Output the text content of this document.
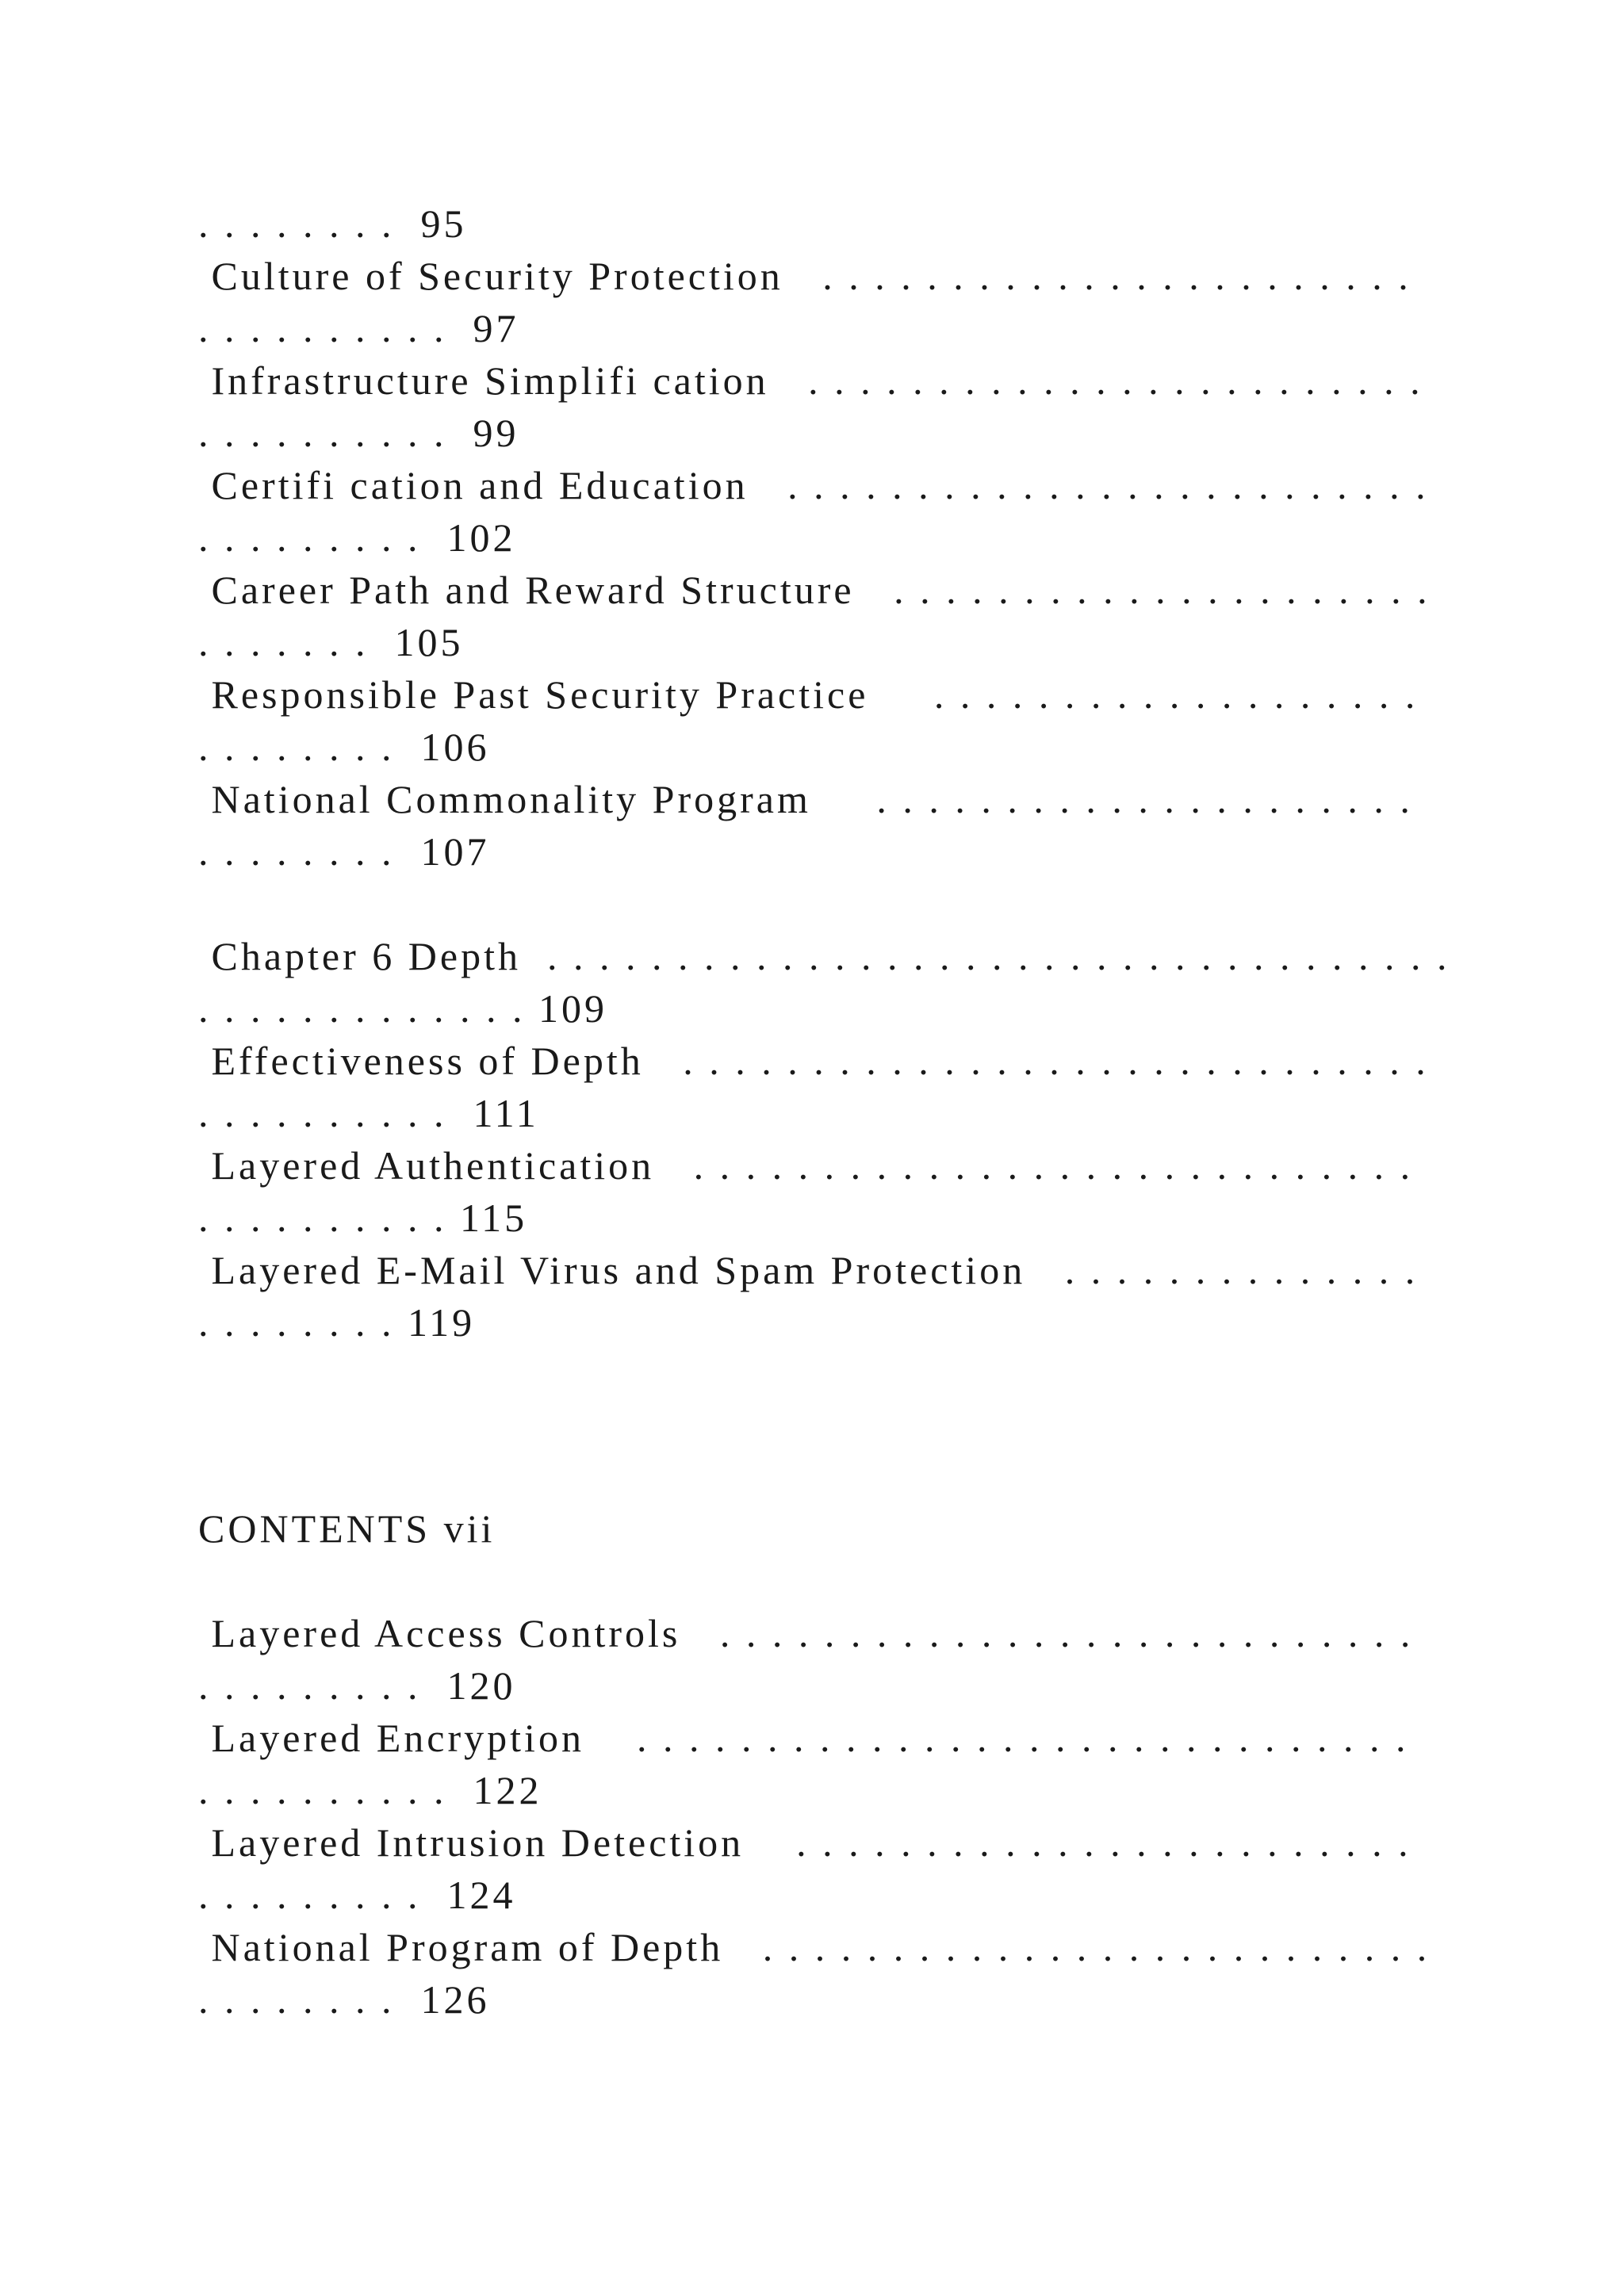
. . . . . . . .  95

Culture of Security Protection   . . . . . . . . . . . . . . . . . . . . . . .

. . . . . . . . . .  97

Infrastructure Simplifi cation   . . . . . . . . . . . . . . . . . . . . . . . .

. . . . . . . . . .  99

Certifi cation and Education   . . . . . . . . . . . . . . . . . . . . . . . . .

. . . . . . . . .  102

Career Path and Reward Structure   . . . . . . . . . . . . . . . . . . . . .

. . . . . . .  105

Responsible Past Security Practice     . . . . . . . . . . . . . . . . . . .

. . . . . . . .  106

National Commonality Program     . . . . . . . . . . . . . . . . . . . . .

. . . . . . . .  107

Chapter 6 Depth  . . . . . . . . . . . . . . . . . . . . . . . . . . . . . . . . . . .

. . . . . . . . . . . . . 109

Effectiveness of Depth   . . . . . . . . . . . . . . . . . . . . . . . . . . . . .

. . . . . . . . . .  111

Layered Authentication   . . . . . . . . . . . . . . . . . . . . . . . . . . . .

. . . . . . . . . . 115

Layered E-Mail Virus and Spam Protection   . . . . . . . . . . . . . .

. . . . . . . . 119

CONTENTS vii

Layered Access Controls   . . . . . . . . . . . . . . . . . . . . . . . . . . .

. . . . . . . . .  120

Layered Encryption    . . . . . . . . . . . . . . . . . . . . . . . . . . . . . .

. . . . . . . . . .  122

Layered Intrusion Detection    . . . . . . . . . . . . . . . . . . . . . . . .

. . . . . . . . .  124

National Program of Depth   . . . . . . . . . . . . . . . . . . . . . . . . . .

. . . . . . . .  126
